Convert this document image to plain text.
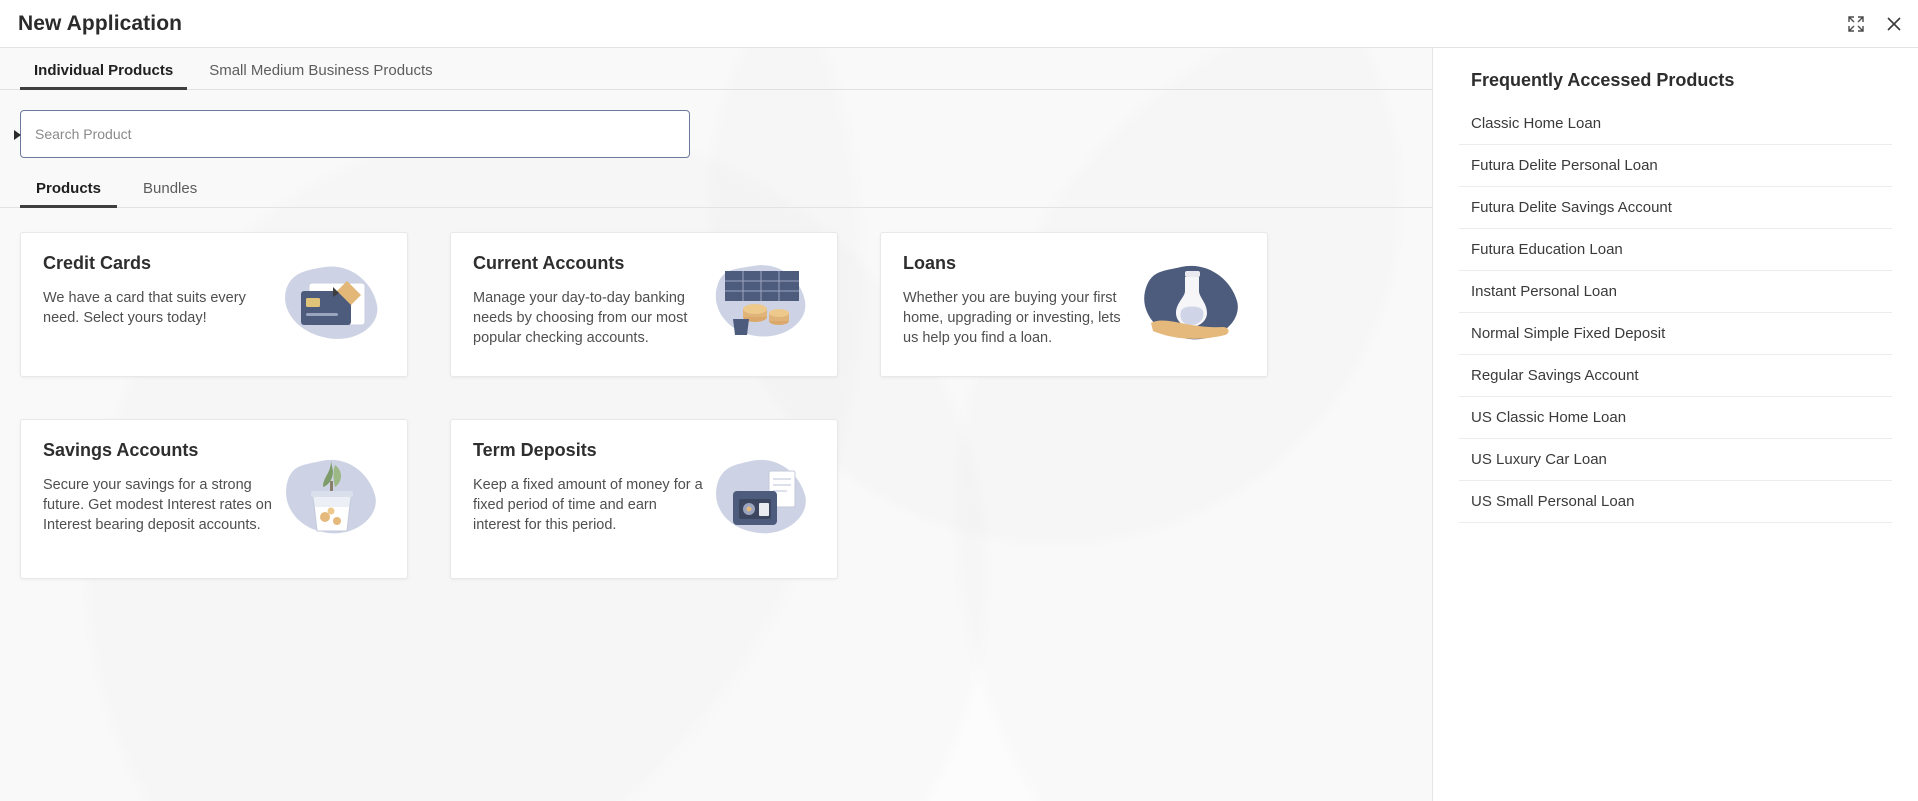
New Application
Individual Products	Small Medium Business Products
Search Product
Products	Bundles
Credit Cards

We have a card that suits every need. Select yours today!

Current Accounts

Manage your day-to-day banking needs by choosing from our most popular checking accounts.

Loans

Whether you are buying your first home, upgrading or investing, lets us help you find a loan.

Savings Accounts

Secure your savings for a strong future. Get modest Interest rates on Interest bearing deposit accounts.

Term Deposits

Keep a fixed amount of money for a fixed period of time and earn interest for this period.

Frequently Accessed Products
Classic Home Loan
Futura Delite Personal Loan
Futura Delite Savings Account
Futura Education Loan
Instant Personal Loan
Normal Simple Fixed Deposit
Regular Savings Account
US Classic Home Loan
US Luxury Car Loan
US Small Personal Loan
